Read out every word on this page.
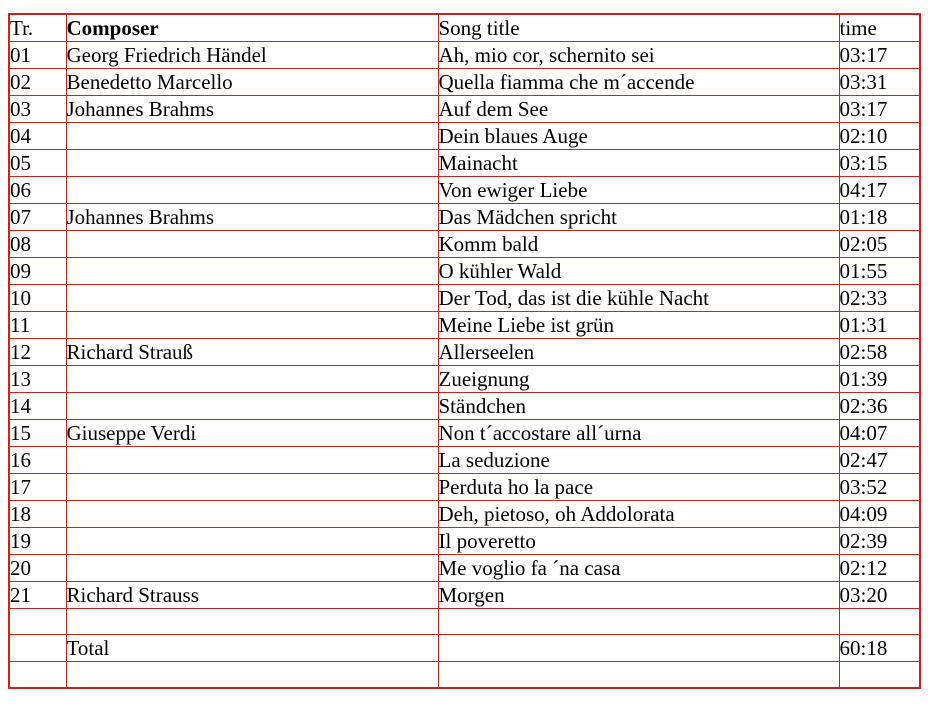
Tr.	Composer	Song title	time
01	Georg Friedrich Händel	Ah, mio cor, schernito sei	03:17
02	Benedetto Marcello	Quella fiamma che m´accende	03:31
03	Johannes Brahms	Auf dem See	03:17
04		Dein blaues Auge	02:10
05		Mainacht	03:15
06		Von ewiger Liebe	04:17
07	Johannes Brahms	Das Mädchen spricht	01:18
08		Komm bald	02:05
09		O kühler Wald	01:55
10		Der Tod, das ist die kühle Nacht	02:33
11		Meine Liebe ist grün	01:31
12	Richard Strauß	Allerseelen	02:58
13		Zueignung	01:39
14		Ständchen	02:36
15	Giuseppe Verdi	Non t´accostare all´urna	04:07
16		La seduzione	02:47
17		Perduta ho la pace	03:52
18		Deh, pietoso, oh Addolorata	04:09
19		Il poveretto	02:39
20		Me voglio fa ´na casa	02:12
21	Richard Strauss	Morgen	03:20

	Total		60:18
